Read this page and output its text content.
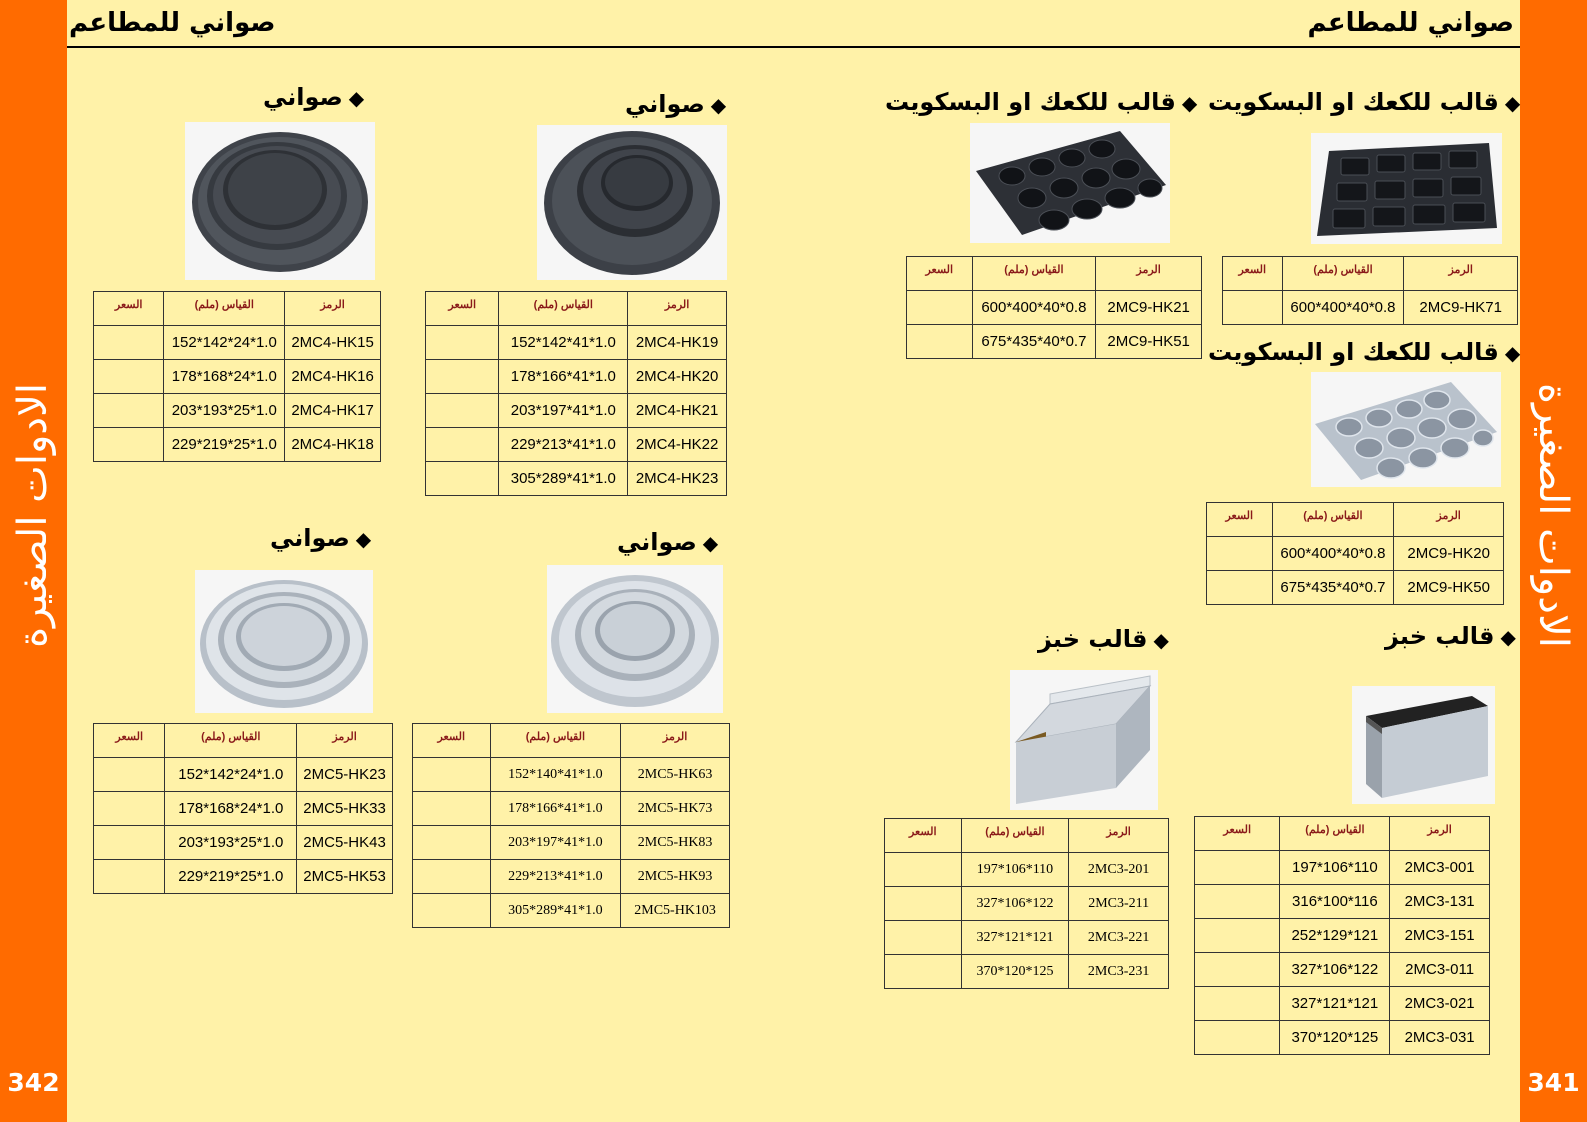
الادوات الصغيرة
342
الادوات الصغيرة
341
صواني للمطاعم	صواني للمطاعم
◆قالب للكعك او البسكويت
السعر	القياس (ملم)	الرمز
	600*400*40*0.8	2MC9-HK71
◆قالب للكعك او البسكويت
السعر	القياس (ملم)	الرمز
	600*400*40*0.8	2MC9-HK21
	675*435*40*0.7	2MC9-HK51	◆قالب للكعك او البسكويت
السعر	القياس (ملم)	الرمز
	600*400*40*0.8	2MC9-HK20
	675*435*40*0.7	2MC9-HK50
◆قالب خبز
السعر	القياس (ملم)	الرمز
	197*106*110	2MC3-001
	316*100*116	2MC3-131
	252*129*121	2MC3-151
	327*106*122	2MC3-011
	327*121*121	2MC3-021
	370*120*125	2MC3-031
◆قالب خبز
السعر	القياس (ملم)	الرمز
	197*106*110	2MC3-201
	327*106*122	2MC3-211
	327*121*121	2MC3-221
	370*120*125	2MC3-231
◆صواني
السعر	القياس (ملم)	الرمز
	152*142*41*1.0	2MC4-HK19
	178*166*41*1.0	2MC4-HK20
	203*197*41*1.0	2MC4-HK21
	229*213*41*1.0	2MC4-HK22
	305*289*41*1.0	2MC4-HK23
◆صواني
السعر	القياس (ملم)	الرمز
	152*142*24*1.0	2MC4-HK15
	178*168*24*1.0	2MC4-HK16
	203*193*25*1.0	2MC4-HK17
	229*219*25*1.0	2MC4-HK18
◆صواني
السعر	القياس (ملم)	الرمز
	152*140*41*1.0	2MC5-HK63
	178*166*41*1.0	2MC5-HK73
	203*197*41*1.0	2MC5-HK83
	229*213*41*1.0	2MC5-HK93
	305*289*41*1.0	2MC5-HK103
◆صواني
السعر	القياس (ملم)	الرمز
	152*142*24*1.0	2MC5-HK23
	178*168*24*1.0	2MC5-HK33
	203*193*25*1.0	2MC5-HK43
	229*219*25*1.0	2MC5-HK53
